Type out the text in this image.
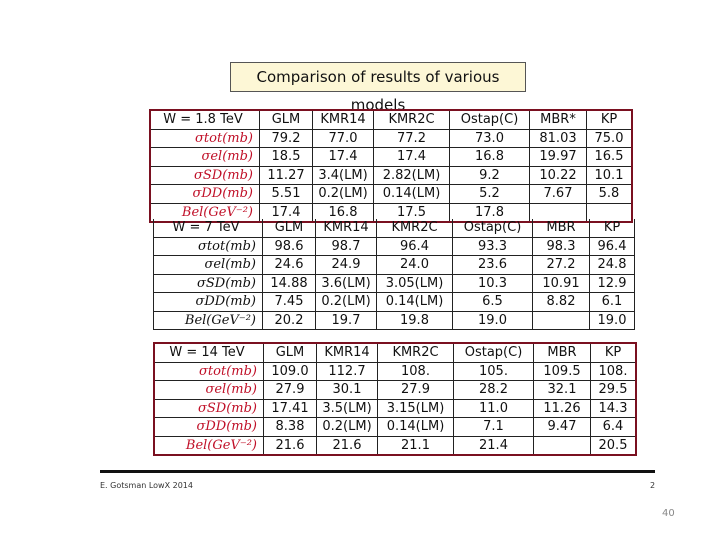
Comparison of results of various models
W = 1.8 TeV	GLM	KMR14	KMR2C	Ostap(C)	MBR*	KP
σtot(mb)	79.2	77.0	77.2	73.0	81.03	75.0
σel(mb)	18.5	17.4	17.4	16.8	19.97	16.5
σSD(mb)	11.27	3.4(LM)	2.82(LM)	9.2	10.22	10.1
σDD(mb)	5.51	0.2(LM)	0.14(LM)	5.2	7.67	5.8
Bel(GeV⁻²)	17.4	16.8	17.5	17.8		
W = 7 TeV	GLM	KMR14	KMR2C	Ostap(C)	MBR	KP
σtot(mb)	98.6	98.7	96.4	93.3	98.3	96.4
σel(mb)	24.6	24.9	24.0	23.6	27.2	24.8
σSD(mb)	14.88	3.6(LM)	3.05(LM)	10.3	10.91	12.9
σDD(mb)	7.45	0.2(LM)	0.14(LM)	6.5	8.82	6.1
Bel(GeV⁻²)	20.2	19.7	19.8	19.0		19.0
W = 14 TeV	GLM	KMR14	KMR2C	Ostap(C)	MBR	KP
σtot(mb)	109.0	112.7	108.	105.	109.5	108.
σel(mb)	27.9	30.1	27.9	28.2	32.1	29.5
σSD(mb)	17.41	3.5(LM)	3.15(LM)	11.0	11.26	14.3
σDD(mb)	8.38	0.2(LM)	0.14(LM)	7.1	9.47	6.4
Bel(GeV⁻²)	21.6	21.6	21.1	21.4		20.5
E. Gotsman LowX 2014	2
40
